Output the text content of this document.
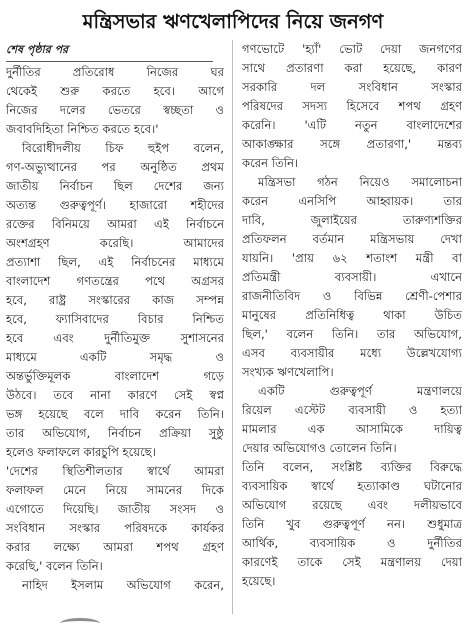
মন্ত্রিসভার ঋণখেলাপিদের নিয়ে জনগণ
শেষ পৃষ্ঠার পর
দুর্নীতির প্রতিরোধ নিজের ঘর
থেকেই শুরু করতে হবে। আগে
নিজের দলের ভেতরে স্বচ্ছতা ও
জবাবদিহিতা নিশ্চিত করতে হবে।'
বিরোধীদলীয় চিফ হুইপ বলেন,
গণ-অভ্যুত্থানের পর অনুষ্ঠিত প্রথম
জাতীয় নির্বাচন ছিল দেশের জন্য
অত্যন্ত গুরুত্বপূর্ণ। হাজারো শহীদের
রক্তের বিনিময়ে আমরা এই নির্বাচনে
অংশগ্রহণ করেছি। আমাদের
প্রত্যাশা ছিল, এই নির্বাচনের মাধ্যমে
বাংলাদেশ গণতন্ত্রের পথে অগ্রসর
হবে, রাষ্ট্র সংস্কারের কাজ সম্পন্ন
হবে, ফ্যাসিবাদের বিচার নিশ্চিত
হবে এবং দুর্নীতিমুক্ত সুশাসনের
মাধ্যমে একটি সমৃদ্ধ ও
অন্তর্ভুক্তিমূলক বাংলাদেশ গড়ে
উঠবে। তবে নানা কারণে সেই স্বপ্ন
ভঙ্গ হয়েছে বলে দাবি করেন তিনি।
তার অভিযোগ, নির্বাচন প্রক্রিয়া সুষ্ঠু
হলেও ফলাফলে কারচুপি হয়েছে।
'দেশের স্থিতিশীলতার স্বার্থে আমরা
ফলাফল মেনে নিয়ে সামনের দিকে
এগোতে দিয়েছি। জাতীয় সংসদ ও
সংবিধান সংস্কার পরিষদকে কার্যকর
করার লক্ষ্যে আমরা শপথ গ্রহণ
করেছি,' বলেন তিনি।
নাহিদ ইসলাম অভিযোগ করেন,
গণভোটে 'হ্যাঁ' ভোট দেয়া জনগণের
সাথে প্রতারণা করা হয়েছে, কারণ
সরকারি দল সংবিধান সংস্কার
পরিষদের সদস্য হিসেবে শপথ গ্রহণ
করেনি। 'এটি নতুন বাংলাদেশের
আকাঙ্ক্ষার সঙ্গে প্রতারণা,' মন্তব্য
করেন তিনি।
মন্ত্রিসভা গঠন নিয়েও সমালোচনা
করেন এনসিপি আহ্বায়ক। তার
দাবি, জুলাইয়ের তারুণ্যশক্তির
প্রতিফলন বর্তমান মন্ত্রিসভায় দেখা
যায়নি। 'প্রায় ৬২ শতাংশ মন্ত্রী বা
প্রতিমন্ত্রী ব্যবসায়ী। এখানে
রাজনীতিবিদ ও বিভিন্ন শ্রেণী-পেশার
মানুষের প্রতিনিধিত্ব থাকা উচিত
ছিল,' বলেন তিনি। তার অভিযোগ,
এসব ব্যবসায়ীর মধ্যে উল্লেখযোগ্য
সংখ্যক ঋণখেলাপি।
একটি গুরুত্বপূর্ণ মন্ত্রণালয়ে
রিয়েল এস্টেট ব্যবসায়ী ও হত্যা
মামলার এক আসামিকে দায়িত্ব
দেয়ার অভিযোগও তোলেন তিনি।
তিনি বলেন, সংশ্লিষ্ট ব্যক্তির বিরুদ্ধে
ব্যবসায়িক স্বার্থে হত্যাকাণ্ড ঘটানোর
অভিযোগ রয়েছে এবং দলীয়ভাবে
তিনি খুব গুরুত্বপূর্ণ নন। শুধুমাত্র
আর্থিক, ব্যবসায়িক ও দুর্নীতির
কারণেই তাকে সেই মন্ত্রণালয় দেয়া
হয়েছে।
